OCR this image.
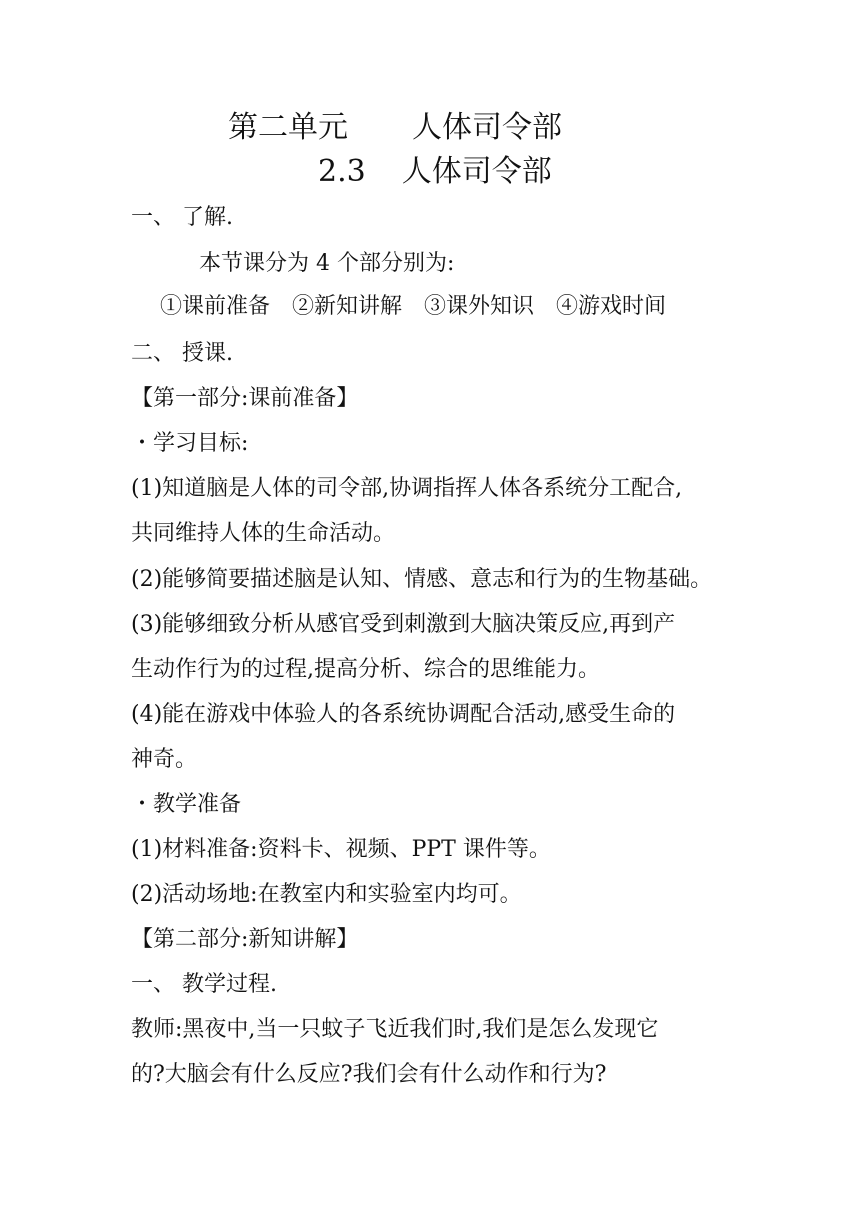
第二单元 人体司令部
2.3 人体司令部
一、 了解.
本节课分为 4 个部分别为:
①课前准备 ②新知讲解 ③课外知识 ④游戏时间
二、 授课.
【第一部分:课前准备】
・学习目标:
(1)知道脑是人体的司令部,协调指挥人体各系统分工配合,
共同维持人体的生命活动。
(2)能够简要描述脑是认知、情感、意志和行为的生物基础。
(3)能够细致分析从感官受到刺激到大脑决策反应,再到产
生动作行为的过程,提高分析、综合的思维能力。
(4)能在游戏中体验人的各系统协调配合活动,感受生命的
神奇。
・教学准备
(1)材料准备:资料卡、视频、PPT 课件等。
(2)活动场地:在教室内和实验室内均可。
【第二部分:新知讲解】
一、 教学过程.
教师:黑夜中,当一只蚊子飞近我们时,我们是怎么发现它
的?大脑会有什么反应?我们会有什么动作和行为?
